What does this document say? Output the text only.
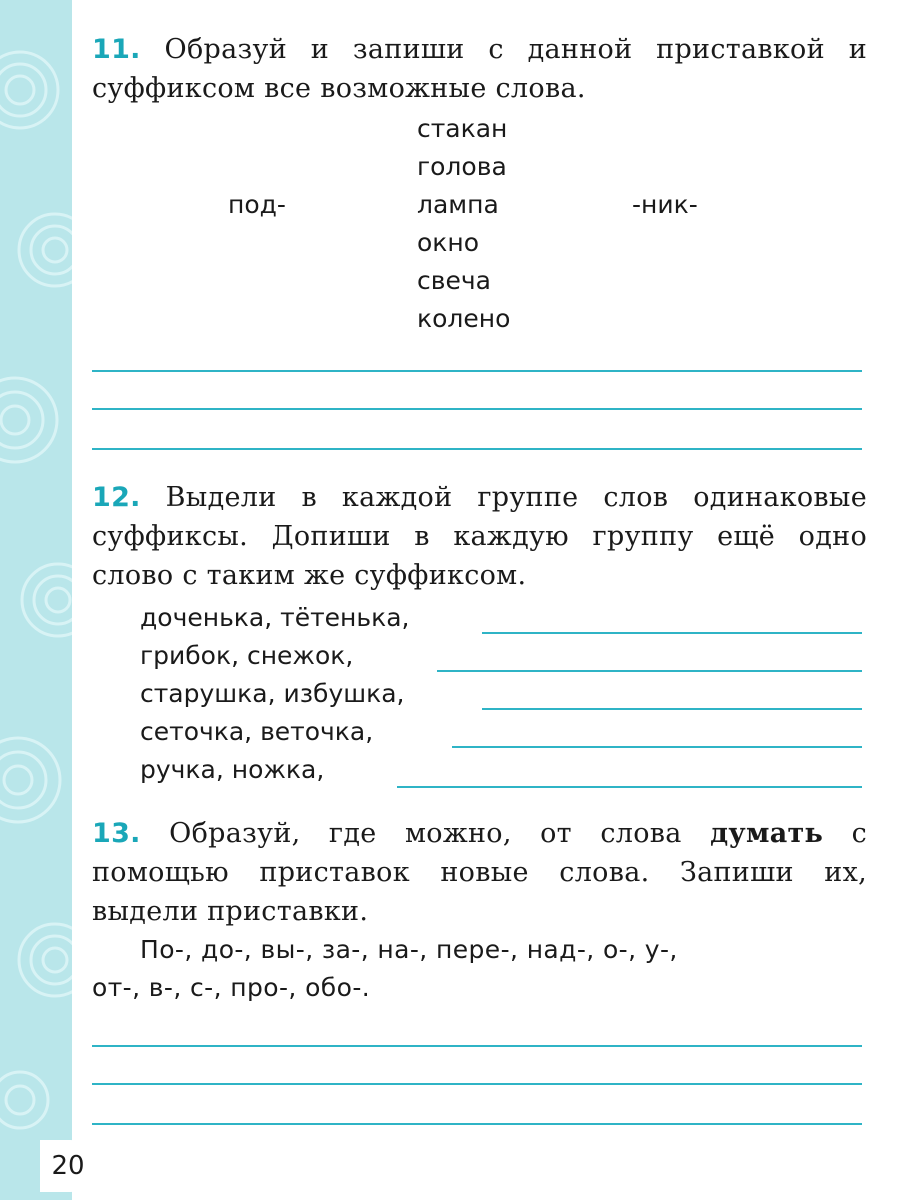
20
11. Образуй и запиши с данной приставкой и суффиксом все возможные слова.
под-	-ник-
стакан
голова
лампа
окно
свеча
колено
12. Выдели в каждой группе слов одинаковые суффиксы. Допиши в каждую группу ещё одно слово с таким же суффиксом.
доченька, тётенька,
грибок, снежок,
старушка, избушка,
сеточка, веточка,
ручка, ножка,
13. Образуй, где можно, от слова думать с помощью приставок новые слова. Запиши их, выдели приставки.
По-, до-, вы-, за-, на-, пере-, над-, о-, у-,
от-, в-, с-, про-, обо-.
